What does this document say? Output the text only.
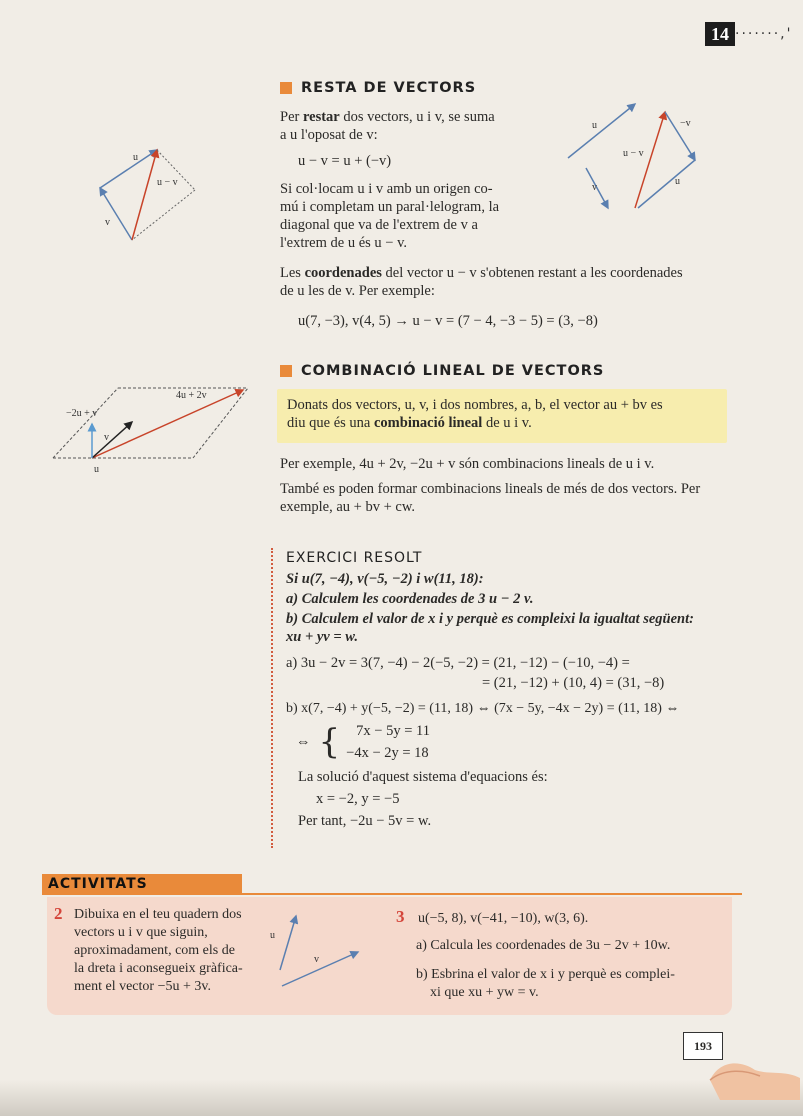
14 ·······,'
RESTA DE VECTORS
Per restar dos vectors, u i v, se suma
a u l'oposat de v:
u − v = u + (−v)
Si col·locam u i v amb un origen co-
mú i completam un paral·lelogram, la
diagonal que va de l'extrem de v a
l'extrem de u és u − v.
Les coordenades del vector u − v s'obtenen restant a les coordenades
de u les de v. Per exemple:
u(7, −3), v(4, 5) → u − v = (7 − 4, −3 − 5) = (3, −8)
u
v
u − v
u	−v
u − v
u
v
COMBINACIÓ LINEAL DE VECTORS
Donats dos vectors, u, v, i dos nombres, a, b, el vector au + bv es
diu que és una combinació lineal de u i v.
Per exemple, 4u + 2v, −2u + v són combinacions lineals de u i v.
També es poden formar combinacions lineals de més de dos vectors. Per
exemple, au + bv + cw.
4u + 2v
−2u + v
v
u
EXERCICI RESOLT
Si u(7, −4), v(−5, −2) i w(11, 18):
a) Calculem les coordenades de 3 u − 2 v.
b) Calculem el valor de x i y perquè es compleixi la igualtat següent:
xu + yv = w.
a) 3u − 2v = 3(7, −4) − 2(−5, −2) = (21, −12) − (−10, −4) =
= (21, −12) + (10, 4) = (31, −8)
b) x(7, −4) + y(−5, −2) = (11, 18) ⇔ (7x − 5y, −4x − 2y) = (11, 18) ⇔
⇔ {	7x − 5y = 11
−4x − 2y = 18
La solució d'aquest sistema d'equacions és:
x = −2, y = −5
Per tant, −2u − 5v = w.
ACTIVITATS
2 Dibuixa en el teu quadern dos
vectors u i v que siguin,
aproximadament, com els de
la dreta i aconsegueix gràfica-
ment el vector −5u + 3v.
u
v
3 u(−5, 8), v(−41, −10), w(3, 6).
a) Calcula les coordenades de 3u − 2v + 10w.
b) Esbrina el valor de x i y perquè es complei-
xi que xu + yw = v.
193
